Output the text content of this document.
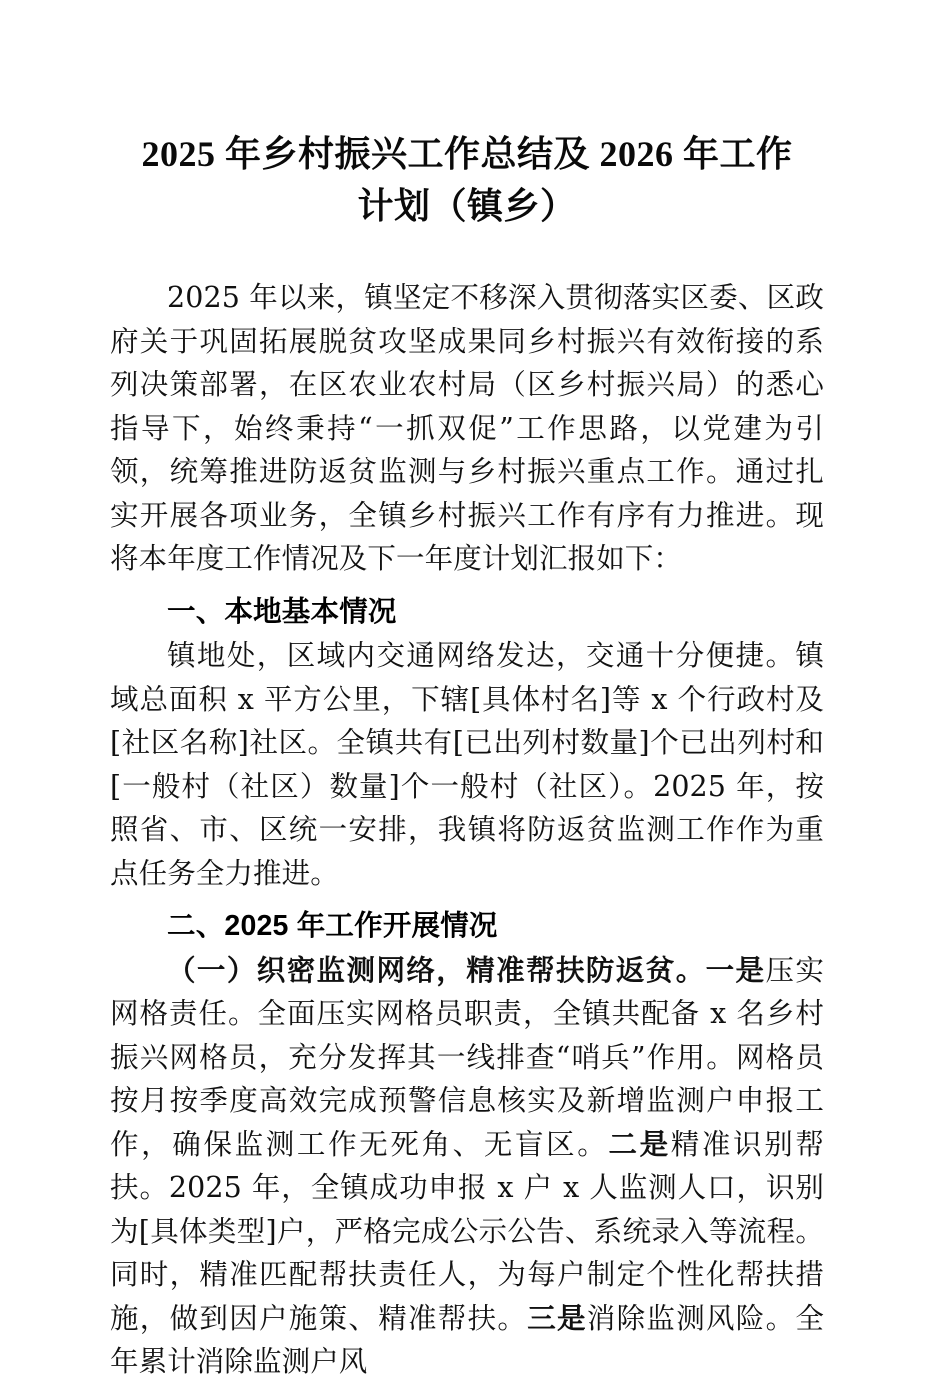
2025 年乡村振兴工作总结及 2026 年工作
计划（镇乡）

2025 年以来，镇坚定不移深入贯彻落实区委、区政府关于巩固拓展脱贫攻坚成果同乡村振兴有效衔接的系列决策部署，在区农业农村局（区乡村振兴局）的悉心指导下，始终秉持“一抓双促”工作思路，以党建为引领，统筹推进防返贫监测与乡村振兴重点工作。通过扎实开展各项业务，全镇乡村振兴工作有序有力推进。现将本年度工作情况及下一年度计划汇报如下：

一、本地基本情况

镇地处，区域内交通网络发达，交通十分便捷。镇域总面积 x 平方公里，下辖[具体村名]等 x 个行政村及[社区名称]社区。全镇共有[已出列村数量]个已出列村和[一般村（社区）数量]个一般村（社区）。2025 年，按照省、市、区统一安排，我镇将防返贫监测工作作为重点任务全力推进。

二、2025 年工作开展情况

（一）织密监测网络，精准帮扶防返贫。一是压实网格责任。全面压实网格员职责，全镇共配备 x 名乡村振兴网格员，充分发挥其一线排查“哨兵”作用。网格员按月按季度高效完成预警信息核实及新增监测户申报工作，确保监测工作无死角、无盲区。二是精准识别帮扶。2025 年，全镇成功申报 x 户 x 人监测人口，识别为[具体类型]户，严格完成公示公告、系统录入等流程。同时，精准匹配帮扶责任人，为每户制定个性化帮扶措施，做到因户施策、精准帮扶。三是消除监测风险。全年累计消除监测户风
